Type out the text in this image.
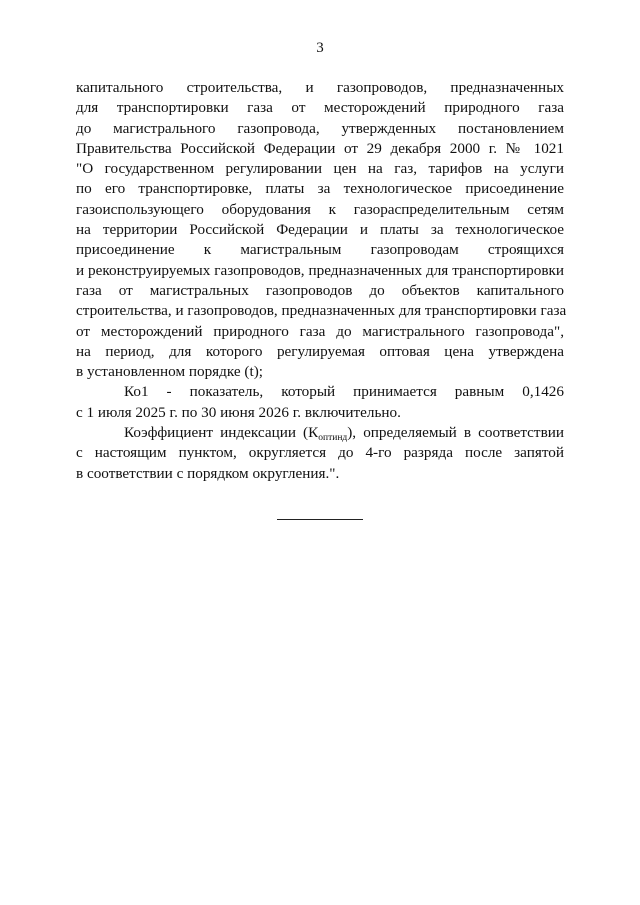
3
капитального строительства, и газопроводов, предназначенных
для транспортировки газа от месторождений природного газа
до магистрального газопровода, утвержденных постановлением
Правительства Российской Федерации от 29 декабря 2000 г. № 1021
"О государственном регулировании цен на газ, тарифов на услуги
по его транспортировке, платы за технологическое присоединение
газоиспользующего оборудования к газораспределительным сетям
на территории Российской Федерации и платы за технологическое
присоединение к магистральным газопроводам строящихся
и реконструируемых газопроводов, предназначенных для транспортировки
газа от магистральных газопроводов до объектов капитального
строительства, и газопроводов, предназначенных для транспортировки газа
от месторождений природного газа до магистрального газопровода",
на период, для которого регулируемая оптовая цена утверждена
в установленном порядке (t);
Ко1 - показатель, который принимается равным 0,1426
с 1 июля 2025 г. по 30 июня 2026 г. включительно.
Коэффициент индексации $(К_{оптинд})$, определяемый в соответствии
с настоящим пунктом, округляется до 4-го разряда после запятой
в соответствии с порядком округления.".
